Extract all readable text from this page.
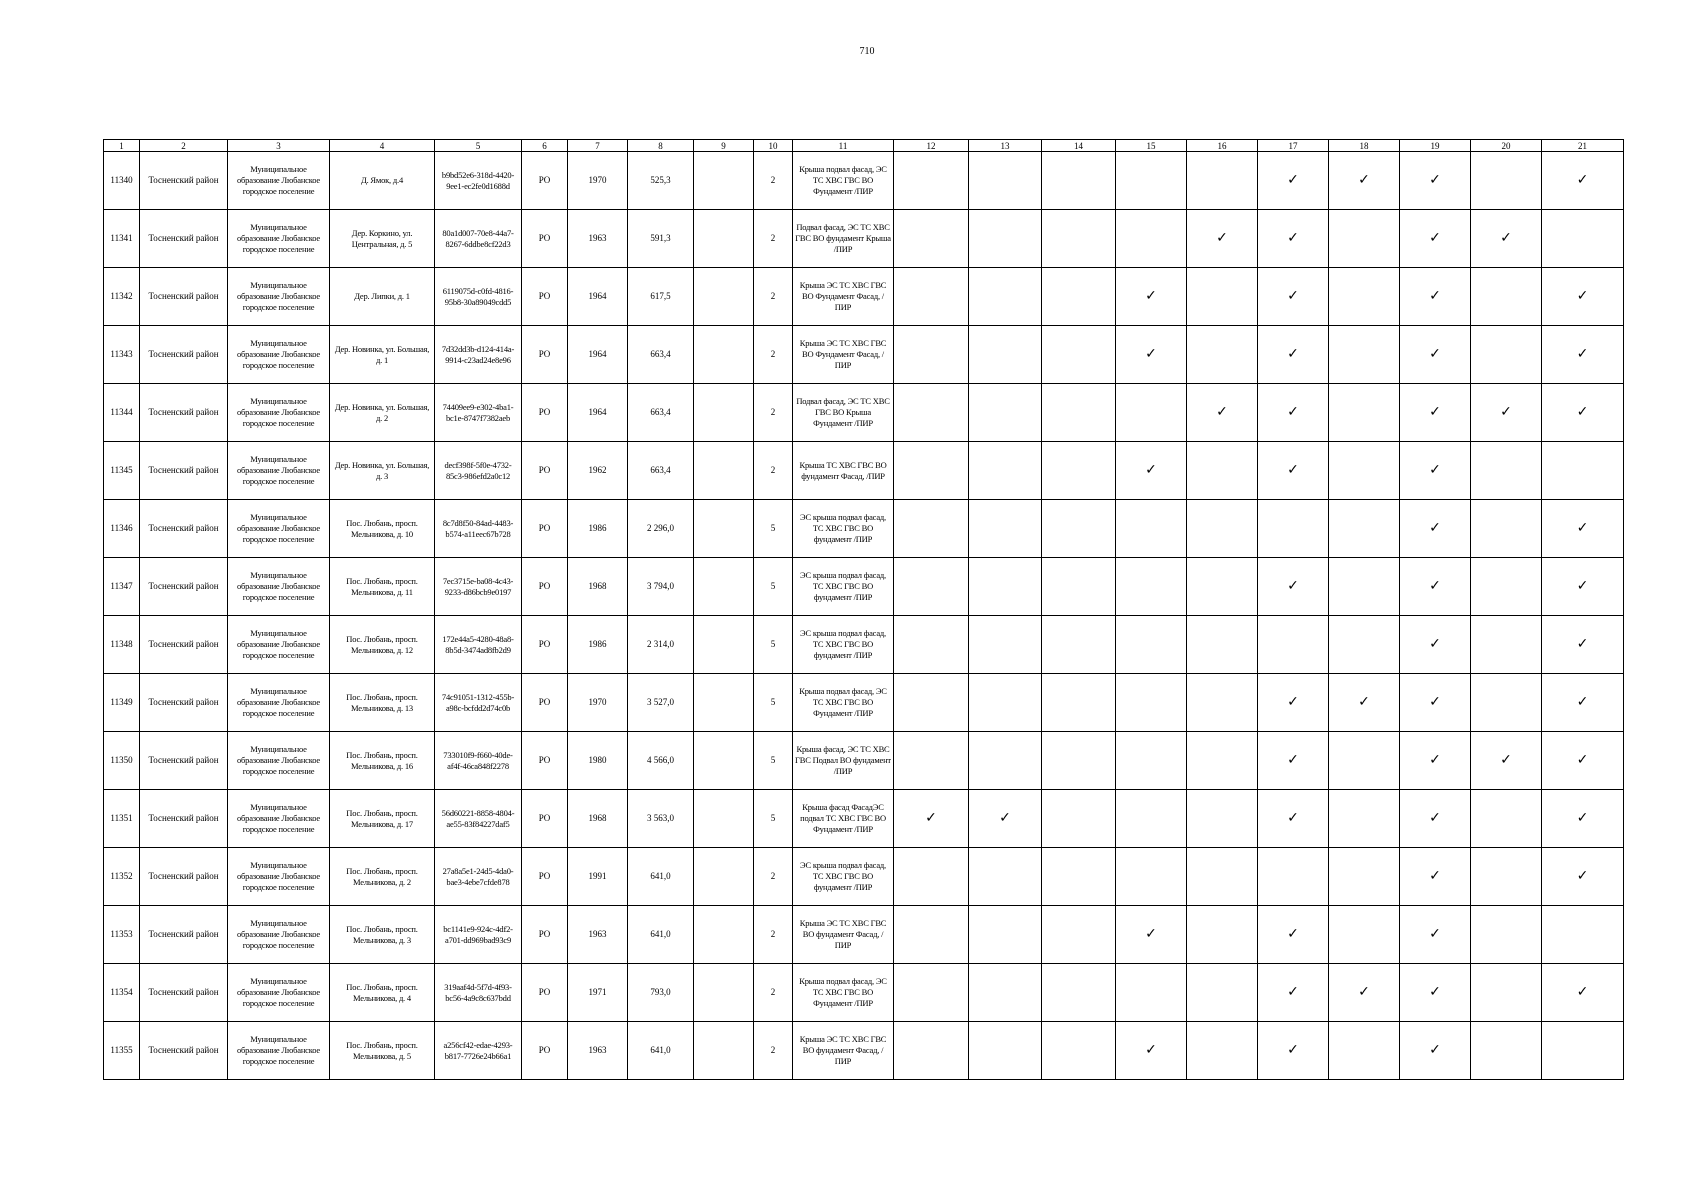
710
1	2	3	4	5	6	7	8	9	10	11	12	13	14	15	16	17	18	19	20	21
11340	Тосненский район	Муниципальное образование Любанское городское поселение	Д. Ямок, д.4	b9bd52e6-318d-4420-9ee1-ec2fe0d1688d	РО	1970	525,3		2	Крыша подвал фасад, ЭС ТС ХВС ГВС ВО Фундамент /ПИР						✓	✓	✓		✓
11341	Тосненский район	Муниципальное образование Любанское городское поселение	Дер. Коркино, ул. Центральная, д. 5	80a1d007-70e8-44a7-8267-6ddbe8cf22d3	РО	1963	591,3		2	Подвал фасад, ЭС ТС ХВС ГВС ВО фундамент Крыша /ПИР					✓	✓		✓	✓	
11342	Тосненский район	Муниципальное образование Любанское городское поселение	Дер. Липки, д. 1	6119075d-c0fd-4816-95b8-30a89049cdd5	РО	1964	617,5		2	Крыша ЭС ТС ХВС ГВС ВО Фундамент Фасад, /ПИР				✓		✓		✓		✓
11343	Тосненский район	Муниципальное образование Любанское городское поселение	Дер. Новинка, ул. Большая, д. 1	7d32dd3b-d124-414a-9914-c23ad24e8e96	РО	1964	663,4		2	Крыша ЭС ТС ХВС ГВС ВО Фундамент Фасад, /ПИР				✓		✓		✓		✓
11344	Тосненский район	Муниципальное образование Любанское городское поселение	Дер. Новинка, ул. Большая, д. 2	74409ee9-e302-4ba1-bc1e-8747f7382aeb	РО	1964	663,4		2	Подвал фасад, ЭС ТС ХВС ГВС ВО Крыша Фундамент /ПИР					✓	✓		✓	✓	✓
11345	Тосненский район	Муниципальное образование Любанское городское поселение	Дер. Новинка, ул. Большая, д. 3	decf398f-5f0e-4732-85c3-986efd2a0c12	РО	1962	663,4		2	Крыша ТС ХВС ГВС ВО фундамент Фасад, /ПИР				✓		✓		✓		
11346	Тосненский район	Муниципальное образование Любанское городское поселение	Пос. Любань, просп. Мельникова, д. 10	8c7d8f50-84ad-4483-b574-a11eec67b728	РО	1986	2 296,0		5	ЭС крыша подвал фасад, ТС ХВС ГВС ВО фундамент /ПИР								✓		✓
11347	Тосненский район	Муниципальное образование Любанское городское поселение	Пос. Любань, просп. Мельникова, д. 11	7ec3715e-ba08-4c43-9233-d86bcb9e0197	РО	1968	3 794,0		5	ЭС крыша подвал фасад, ТС ХВС ГВС ВО фундамент /ПИР						✓		✓		✓
11348	Тосненский район	Муниципальное образование Любанское городское поселение	Пос. Любань, просп. Мельникова, д. 12	172e44a5-4280-48a8-8b5d-3474ad8fb2d9	РО	1986	2 314,0		5	ЭС крыша подвал фасад, ТС ХВС ГВС ВО фундамент /ПИР								✓		✓
11349	Тосненский район	Муниципальное образование Любанское городское поселение	Пос. Любань, просп. Мельникова, д. 13	74c91051-1312-455b-a98c-bcfdd2d74c0b	РО	1970	3 527,0		5	Крыша подвал фасад, ЭС ТС ХВС ГВС ВО Фундамент /ПИР						✓	✓	✓		✓
11350	Тосненский район	Муниципальное образование Любанское городское поселение	Пос. Любань, просп. Мельникова, д. 16	733010f9-f660-40de-af4f-46ca848f2278	РО	1980	4 566,0		5	Крыша фасад, ЭС ТС ХВС ГВС Подвал ВО фундамент /ПИР						✓		✓	✓	✓
11351	Тосненский район	Муниципальное образование Любанское городское поселение	Пос. Любань, просп. Мельникова, д. 17	56d60221-8858-4804-ae55-83f84227daf5	РО	1968	3 563,0		5	Крыша фасад ФасадЭС подвал ТС ХВС ГВС ВО Фундамент /ПИР	✓	✓				✓		✓		✓
11352	Тосненский район	Муниципальное образование Любанское городское поселение	Пос. Любань, просп. Мельникова, д. 2	27a8a5e1-24d5-4da0-bae3-4ebe7cfde878	РО	1991	641,0		2	ЭС крыша подвал фасад, ТС ХВС ГВС ВО фундамент /ПИР								✓		✓
11353	Тосненский район	Муниципальное образование Любанское городское поселение	Пос. Любань, просп. Мельникова, д. 3	bc1141e9-924c-4df2-a701-dd969bad93c9	РО	1963	641,0		2	Крыша ЭС ТС ХВС ГВС ВО фундамент Фасад, /ПИР				✓		✓		✓		
11354	Тосненский район	Муниципальное образование Любанское городское поселение	Пос. Любань, просп. Мельникова, д. 4	319aaf4d-5f7d-4f93-bc56-4a9c8c637bdd	РО	1971	793,0		2	Крыша подвал фасад, ЭС ТС ХВС ГВС ВО Фундамент /ПИР						✓	✓	✓		✓
11355	Тосненский район	Муниципальное образование Любанское городское поселение	Пос. Любань, просп. Мельникова, д. 5	a256cf42-edae-4293-b817-7726e24b66a1	РО	1963	641,0		2	Крыша ЭС ТС ХВС ГВС ВО фундамент Фасад, /ПИР				✓		✓		✓		
